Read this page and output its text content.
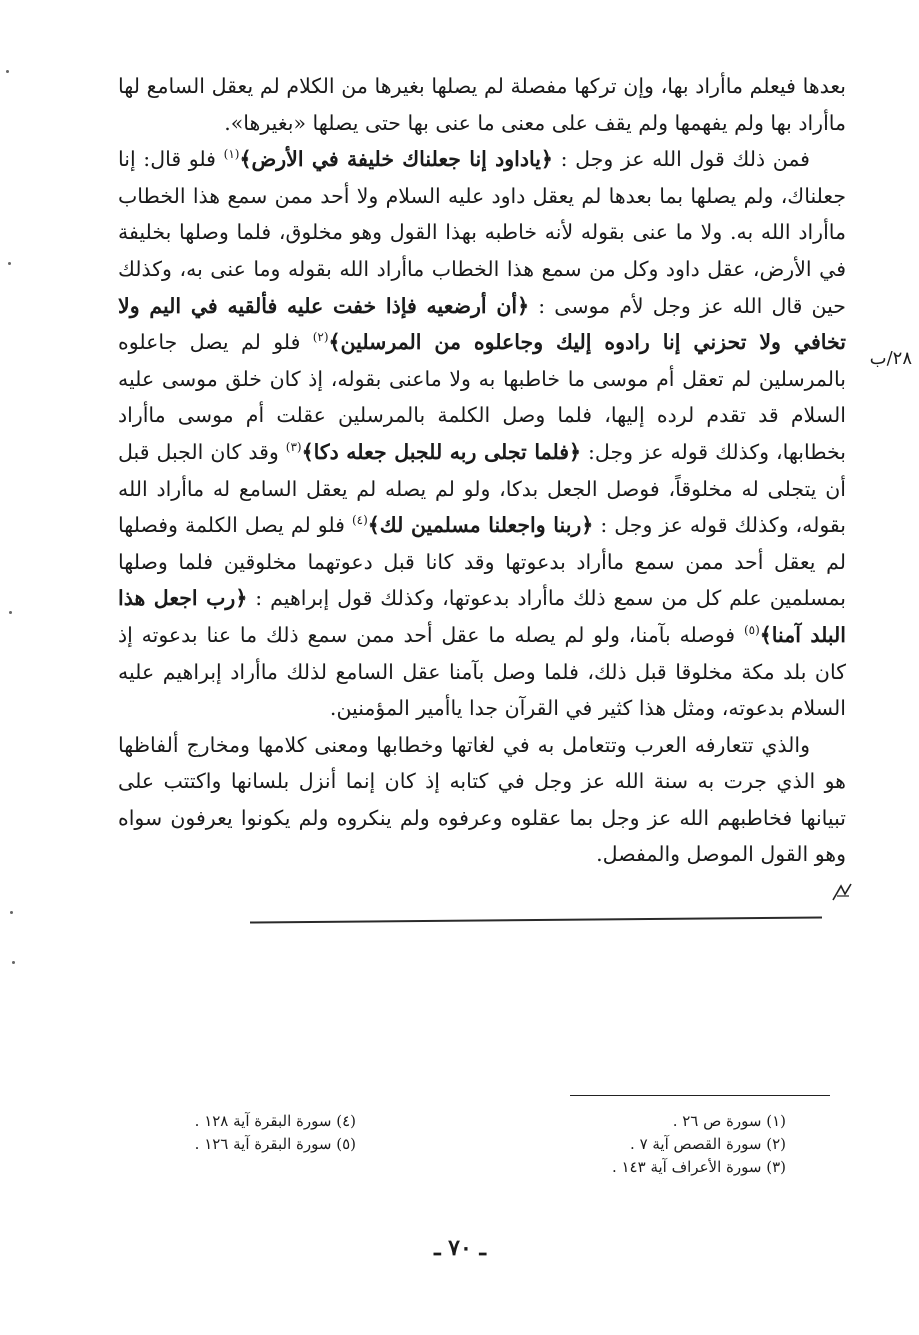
بعدها فيعلم ماأراد بها، وإن تركها مفصلة لم يصلها بغيرها من الكلام لم يعقل السامع لها ماأراد بها ولم يفهمها ولم يقف على معنى ما عنى بها حتى يصلها «بغيرها».

فمن ذلك قول الله عز وجل : ﴿ياداود إنا جعلناك خليفة في الأرض﴾$^{(١)}$ فلو قال: إنا جعلناك، ولم يصلها بما بعدها لم يعقل داود عليه السلام ولا أحد ممن سمع هذا الخطاب ماأراد الله به. ولا ما عنى بقوله لأنه خاطبه بهذا القول وهو مخلوق، فلما وصلها بخليفة في الأرض، عقل داود وكل من سمع هذا الخطاب ماأراد الله بقوله وما عنى به، وكذلك حين قال الله عز وجل لأم موسى : ﴿أن أرضعيه فإذا خفت عليه فألقيه في اليم ولا تخافي ولا تحزني إنا رادوه إليك وجاعلوه من المرسلين﴾$^{(٢)}$ فلو لم يصل جاعلوه بالمرسلين لم تعقل أم موسى ما خاطبها به ولا ماعنى بقوله، إذ كان خلق موسى عليه السلام قد تقدم لرده إليها، فلما وصل الكلمة بالمرسلين عقلت أم موسى ماأراد بخطابها، وكذلك قوله عز وجل: ﴿فلما تجلى ربه للجبل جعله دكا﴾$^{(٣)}$ وقد كان الجبل قبل أن يتجلى له مخلوقاً، فوصل الجعل بدكا، ولو لم يصله لم يعقل السامع له ماأراد الله بقوله، وكذلك قوله عز وجل : ﴿ربنا واجعلنا مسلمين لك﴾$^{(٤)}$ فلو لم يصل الكلمة وفصلها لم يعقل أحد ممن سمع ماأراد بدعوتها وقد كانا قبل دعوتهما مخلوقين فلما وصلها بمسلمين علم كل من سمع ذلك ماأراد بدعوتها، وكذلك قول إبراهيم : ﴿رب اجعل هذا البلد آمنا﴾$^{(٥)}$ فوصله بآمنا، ولو لم يصله ما عقل أحد ممن سمع ذلك ما عنا بدعوته إذ كان بلد مكة مخلوقا قبل ذلك، فلما وصل بآمنا عقل السامع لذلك ماأراد إبراهيم عليه السلام بدعوته، ومثل هذا كثير في القرآن جدا ياأمير المؤمنين.

والذي تتعارفه العرب وتتعامل به في لغاتها وخطابها ومعنى كلامها ومخارج ألفاظها هو الذي جرت به سنة الله عز وجل في كتابه إذ كان إنما أنزل بلسانها واكتتب على تبيانها فخاطبهم الله عز وجل بما عقلوه وعرفوه ولم ينكروه ولم يكونوا يعرفون سواه وهو القول الموصل والمفصل.

٢٨/ب
(١) سورة ص ٢٦ .
(٢) سورة القصص آية ٧ .
(٣) سورة الأعراف آية ١٤٣ .
(٤) سورة البقرة آية ١٢٨ .
(٥) سورة البقرة آية ١٢٦ .
ـ ٧٠ ـ
